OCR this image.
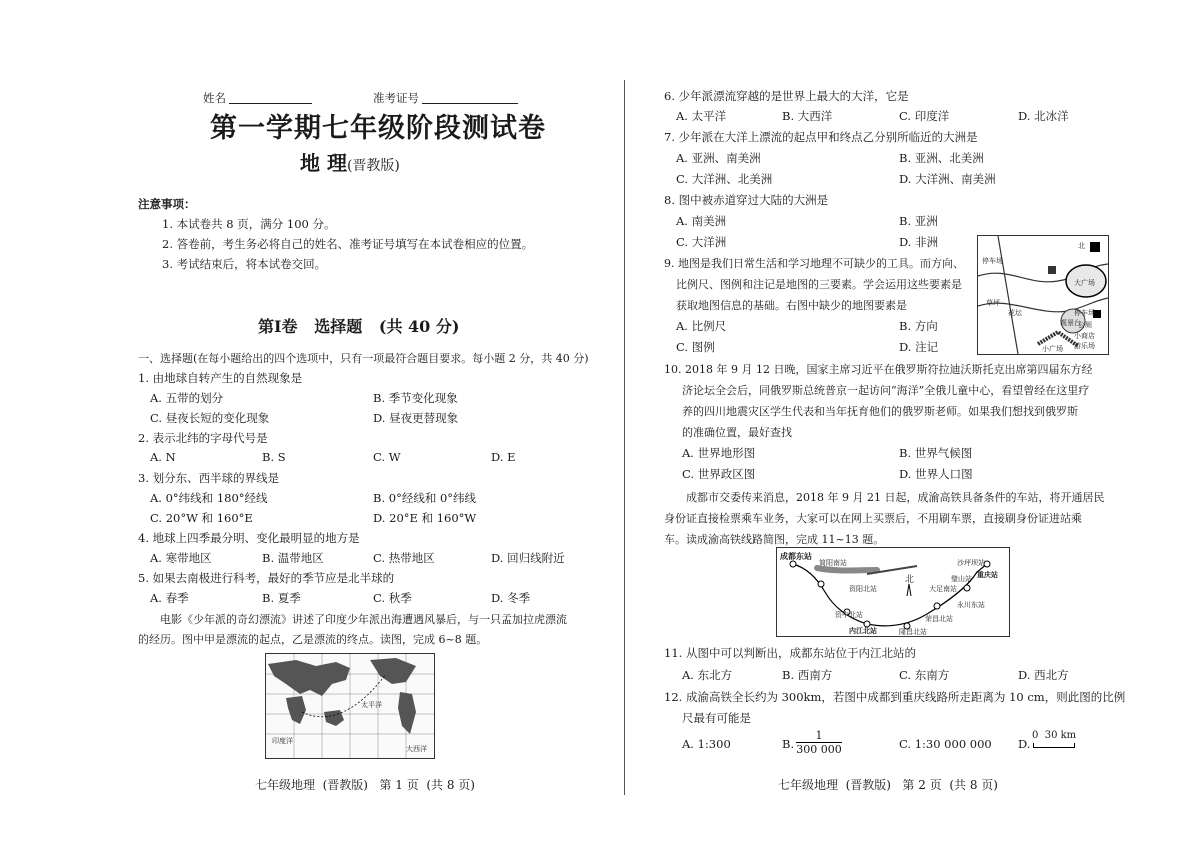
姓名	准考证号
第一学期七年级阶段测试卷
地 理(晋教版)
注意事项：
1. 本试卷共 8 页，满分 100 分。
2. 答卷前，考生务必将自己的姓名、准考证号填写在本试卷相应的位置。
3. 考试结束后，将本试卷交回。
第Ⅰ卷   选择题   (共 40 分)
一、选择题(在每小题给出的四个选项中，只有一项最符合题目要求。每小题 2 分，共 40 分)
1. 由地球自转产生的自然现象是
A. 五带的划分	B. 季节变化现象
C. 昼夜长短的变化现象	D. 昼夜更替现象
2. 表示北纬的字母代号是
A. N	B. S	C. W	D. E
3. 划分东、西半球的界线是
A. 0°纬线和 180°经线	B. 0°经线和 0°纬线
C. 20°W 和 160°E	D. 20°E 和 160°W
4. 地球上四季最分明、变化最明显的地方是
A. 寒带地区	B. 温带地区	C. 热带地区	D. 回归线附近
5. 如果去南极进行科考，最好的季节应是北半球的
A. 春季	B. 夏季	C. 秋季	D. 冬季
电影《少年派的奇幻漂流》讲述了印度少年派出海遭遇风暴后，与一只孟加拉虎漂流
的经历。图中甲是漂流的起点，乙是漂流的终点。读图，完成 6~8 题。
太平洋
印度洋
大西洋
七年级地理  (晋教版)   第 1 页  (共 8 页)
6. 少年派漂流穿越的是世界上最大的大洋，它是
A. 太平洋	B. 大西洋	C. 印度洋	D. 北冰洋
7. 少年派在大洋上漂流的起点甲和终点乙分别所临近的大洲是
A. 亚洲、南美洲	B. 亚洲、北美洲
C. 大洋洲、北美洲	D. 大洋洲、南美洲
8. 图中被赤道穿过大陆的大洲是
A. 南美洲	B. 亚洲
C. 大洋洲	D. 非洲
9. 地图是我们日常生活和学习地理不可缺少的工具。而方向、
比例尺、图例和注记是地图的三要素。学会运用这些要素是
获取地图信息的基础。右图中缺少的地图要素是
A. 比例尺	B. 方向
C. 图例	D. 注记
北
停车场
公厕
小商店
游乐场
大广场
观景台
小广场
停车场
草坪
花坛
10. 2018 年 9 月 12 日晚，国家主席习近平在俄罗斯符拉迪沃斯托克出席第四届东方经
济论坛全会后，同俄罗斯总统普京一起访问“海洋”全俄儿童中心，看望曾经在这里疗
养的四川地震灾区学生代表和当年抚育他们的俄罗斯老师。如果我们想找到俄罗斯
的准确位置，最好查找
A. 世界地形图	B. 世界气候图
C. 世界政区图	D. 世界人口图
成都市交委传来消息，2018 年 9 月 21 日起，成渝高铁具备条件的车站，将开通居民
身份证直接检票乘车业务，大家可以在网上买票后，不用刷车票，直接刷身份证进站乘
车。读成渝高铁线路简图，完成 11~13 题。
成都东站
简阳南站
资阳北站
资中北站
内江北站	隆昌北站
荣昌北站
永川东站
大足南站
璧山站
沙坪坝站
重庆站
北
11. 从图中可以判断出，成都东站位于内江北站的
A. 东北方	B. 西南方	C. 东南方	D. 西北方
12. 成渝高铁全长约为 300km，若图中成都到重庆线路所走距离为 10 cm，则此图的比例
尺最有可能是
A. 1:300	B. $\frac{1}{300 000}$	C. 1:30 000 000 D.
0  30 km
七年级地理  (晋教版)   第 2 页  (共 8 页)
